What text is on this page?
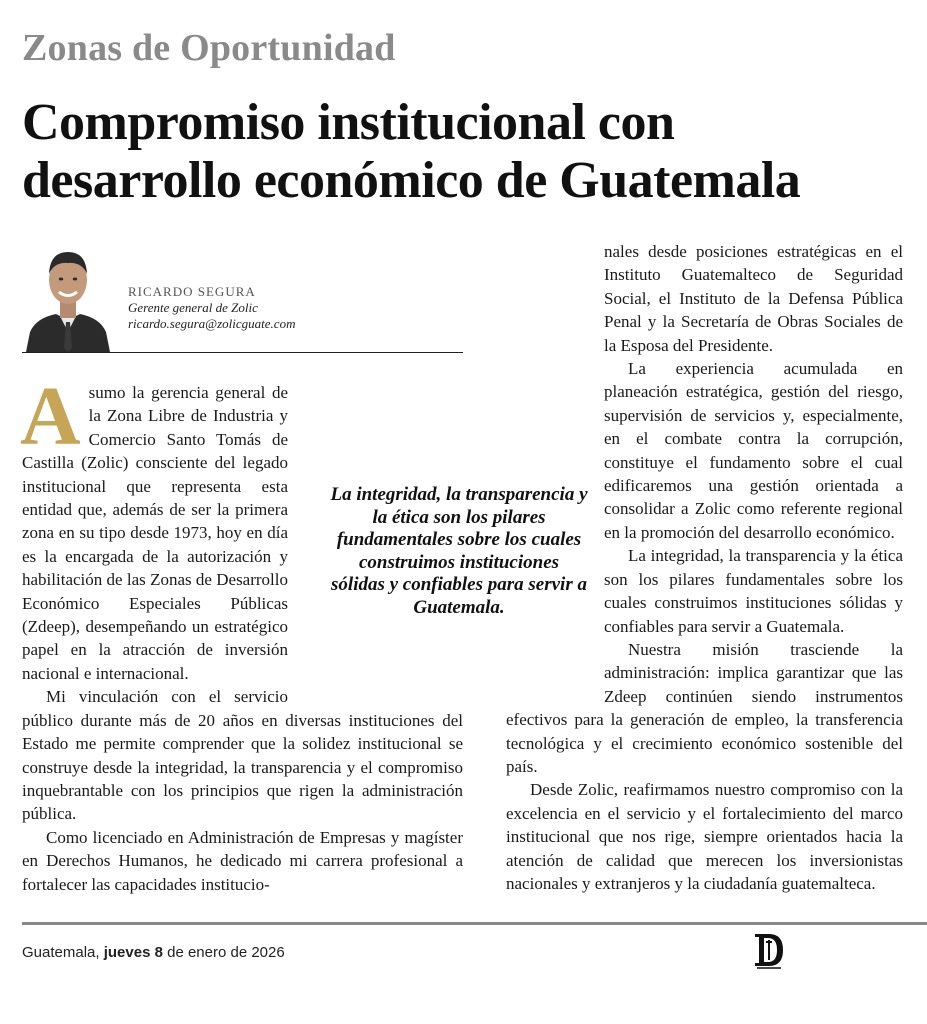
Zonas de Oportunidad
Compromiso institucional con
desarrollo económico de Guatemala
RICARDO SEGURA
Gerente general de Zolic
ricardo.segura@zolicguate.com

Asumo la gerencia general de la Zona Libre de Industria y Comercio Santo Tomás de Castilla (Zolic) consciente del legado institucional que representa esta entidad que, además de ser la primera zona en su tipo desde 1973, hoy en día es la encargada de la autorización y habilitación de las Zonas de Desarrollo Económico Especiales Públicas (Zdeep), desempeñando un estratégico papel en la atracción de inversión nacional e internacional.

Mi vinculación con el servicio público durante más de 20 años en diversas instituciones del Estado me permite comprender que la solidez institucional se construye desde la integridad, la transparencia y el compromiso inquebrantable con los principios que rigen la administración pública.

Como licenciado en Administración de Empresas y magíster en Derechos Humanos, he dedicado mi carrera profesional a fortalecer las capacidades institucio-

nales desde posiciones estratégicas en el Instituto Guatemalteco de Seguridad Social, el Instituto de la Defensa Pública Penal y la Secretaría de Obras Sociales de la Esposa del Presidente.

La experiencia acumulada en planeación estratégica, gestión del riesgo, supervisión de servicios y, especialmente, en el combate contra la corrupción, constituye el fundamento sobre el cual edificaremos una gestión orientada a consolidar a Zolic como referente regional en la promoción del desarrollo económico.

La integridad, la transparencia y la ética son los pilares fundamentales sobre los cuales construimos instituciones sólidas y confiables para servir a Guatemala.

Nuestra misión trasciende la administración: implica garantizar que las Zdeep continúen siendo instrumentos efectivos para la generación de empleo, la transferencia tecnológica y el crecimiento económico sostenible del país.

Desde Zolic, reafirmamos nuestro compromiso con la excelencia en el servicio y el fortalecimiento del marco institucional que nos rige, siempre orientados hacia la atención de calidad que merecen los inversionistas nacionales y extranjeros y la ciudadanía guatemalteca.

La integridad, la transparencia y la ética son los pilares fundamentales sobre los cuales construimos instituciones sólidas y confiables para servir a Guatemala.
Guatemala, jueves 8 de enero de 2026
